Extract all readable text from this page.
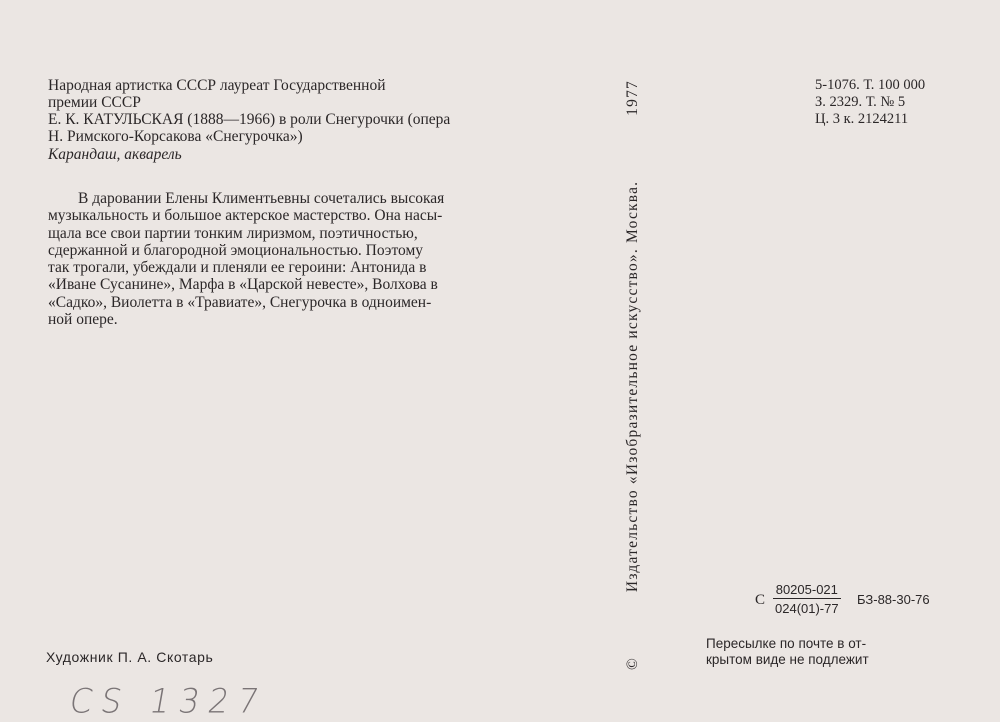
Народная артистка СССР лауреат Государственной
премии СССР
Е. К. КАТУЛЬСКАЯ (1888—1966) в роли Снегурочки (опера
Н. Римского-Корсакова «Снегурочка»)
Карандаш, акварель
В даровании Елены Климентьевны сочетались высокая
музыкальность и большое актерское мастерство. Она насы-
щала все свои партии тонким лиризмом, поэтичностью,
сдержанной и благородной эмоциональностью. Поэтому
так трогали, убеждали и пленяли ее героини: Антонида в
«Иване Сусанине», Марфа в «Царской невесте», Волхова в
«Садко», Виолетта в «Травиате», Снегурочка в одноимен-
ной опере.
©
Издательство «Изобразительное искусство». Москва.
1977	5-1076. Т. 100 000
З. 2329. Т. № 5
Ц. 3 к. 2124211
С $\frac{80205-021}{024(01)-77} БЗ-88-30-76$
Пересылке по почте в от-
крытом виде не подлежит
Художник П. А. Скотарь
CS 1327
